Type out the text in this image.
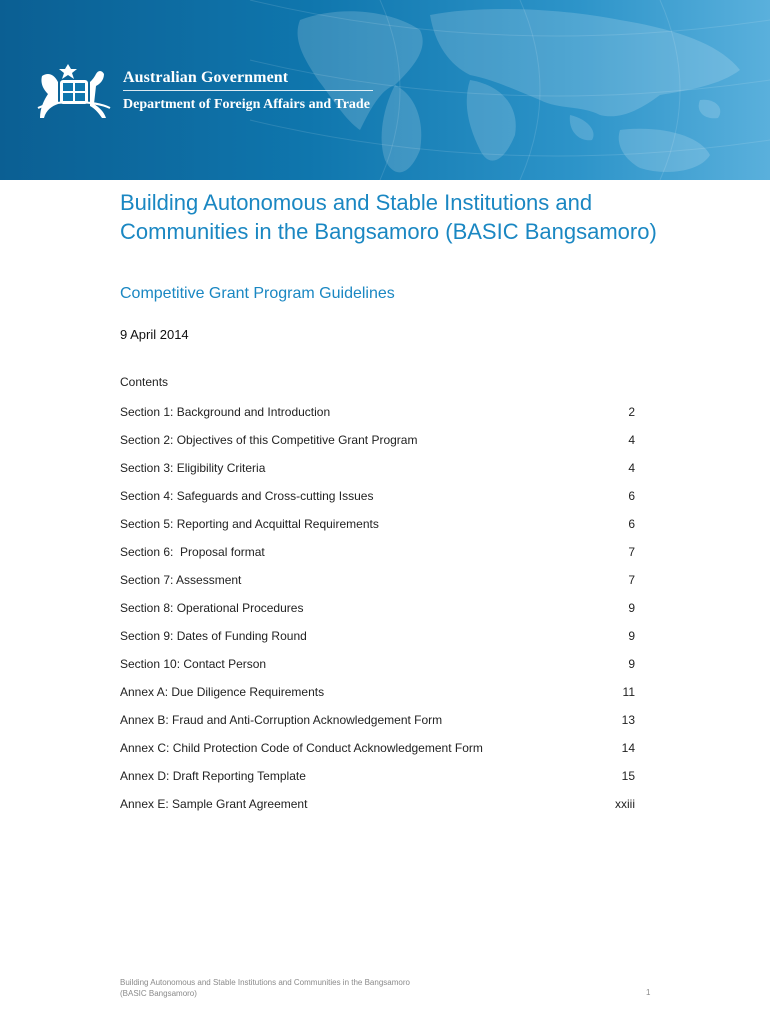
Australian Government
Department of Foreign Affairs and Trade
Building Autonomous and Stable Institutions and Communities in the Bangsamoro (BASIC Bangsamoro)
Competitive Grant Program Guidelines
9 April 2014
Contents
Section 1: Background and Introduction	2
Section 2: Objectives of this Competitive Grant Program	4
Section 3: Eligibility Criteria	4
Section 4: Safeguards and Cross-cutting Issues	6
Section 5: Reporting and Acquittal Requirements	6
Section 6:  Proposal format	7
Section 7: Assessment	7
Section 8: Operational Procedures	9
Section 9: Dates of Funding Round	9
Section 10: Contact Person	9
Annex A: Due Diligence Requirements	11
Annex B: Fraud and Anti-Corruption Acknowledgement Form	13
Annex C: Child Protection Code of Conduct Acknowledgement Form	14
Annex D: Draft Reporting Template	15
Annex E: Sample Grant Agreement	xxiii
Building Autonomous and Stable Institutions and Communities in the Bangsamoro
(BASIC Bangsamoro)	1
